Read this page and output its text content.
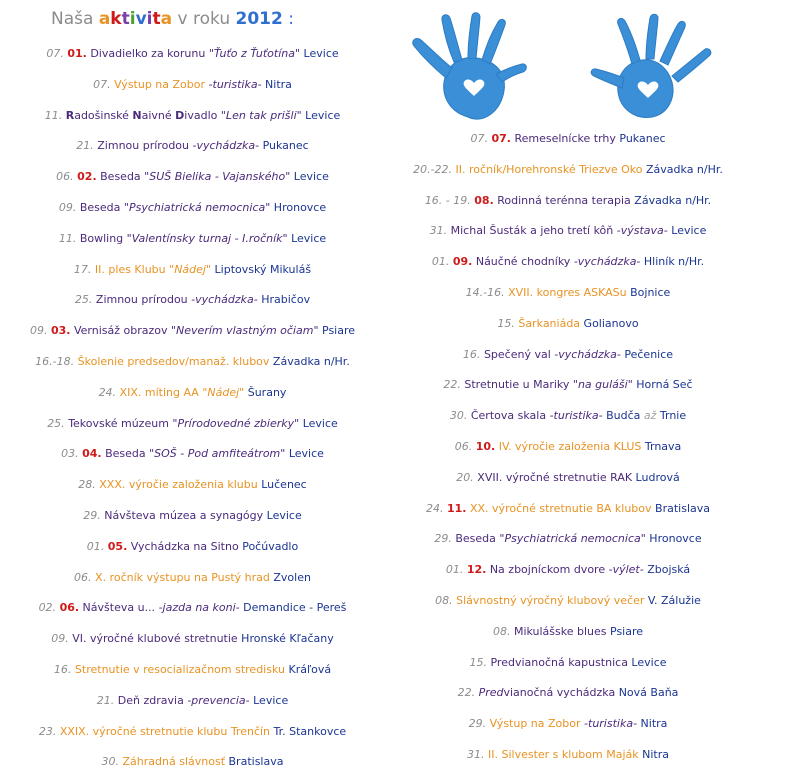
Naša aktivita v roku 2012 :
07. 01. Divadielko za korunu "Ťuťo z Ťuťotína" Levice
07. Výstup na Zobor -turistika- Nitra
11. Radošinské Naivné Divadlo "Len tak prišli" Levice
21. Zimnou prírodou -vychádzka- Pukanec
06. 02. Beseda "SUŠ Bielika - Vajanského" Levice
09. Beseda "Psychiatrická nemocnica" Hronovce
11. Bowling "Valentínsky turnaj - I.ročník" Levice
17. II. ples Klubu "Nádej" Liptovský Mikuláš
25. Zimnou prírodou -vychádzka- Hrabičov
09. 03. Vernisáž obrazov "Neverím vlastným očiam" Psiare
16.-18. Školenie predsedov/manaž. klubov Závadka n/Hr.
24. XIX. míting AA "Nádej" Šurany
25. Tekovské múzeum "Prírodovedné zbierky" Levice
03. 04. Beseda "SOŠ - Pod amfiteátrom" Levice
28. XXX. výročie založenia klubu Lučenec
29. Návšteva múzea a synagógy Levice
01. 05. Vychádzka na Sitno Počúvadlo
06. X. ročník výstupu na Pustý hrad Zvolen
02. 06. Návšteva u... -jazda na koni- Demandice - Pereš
09. VI. výročné klubové stretnutie Hronské Kľačany
16. Stretnutie v resocializačnom stredisku Kráľová
21. Deň zdravia -prevencia- Levice
23. XXIX. výročné stretnutie klubu Trenčín Tr. Stankovce
30. Záhradná slávnosť Bratislava
07. 07. Remeselnícke trhy Pukanec
20.-22. II. ročník/Horehronské Triezve Oko Závadka n/Hr.
16. - 19. 08. Rodinná terénna terapia Závadka n/Hr.
31. Michal Šusták a jeho tretí kôň -výstava- Levice
01. 09. Náučné chodníky -vychádzka- Hliník n/Hr.
14.-16. XVII. kongres ASKASu Bojnice
15. Šarkaniáda Golianovo
16. Spečený val -vychádzka- Pečenice
22. Stretnutie u Mariky "na guláši" Horná Seč
30. Čertova skala -turistika- Budča až Trnie
06. 10. IV. výročie založenia KLUS Trnava
20. XVII. výročné stretnutie RAK Ludrová
24. 11. XX. výročné stretnutie BA klubov Bratislava
29. Beseda "Psychiatrická nemocnica" Hronovce
01. 12. Na zbojníckom dvore -výlet- Zbojská
08. Slávnostný výročný klubový večer V. Zálužie
08. Mikulášske blues Psiare
15. Predvianočná kapustnica Levice
22. Predvianočná vychádzka Nová Baňa
29. Výstup na Zobor -turistika- Nitra
31. II. Silvester s klubom Maják Nitra
